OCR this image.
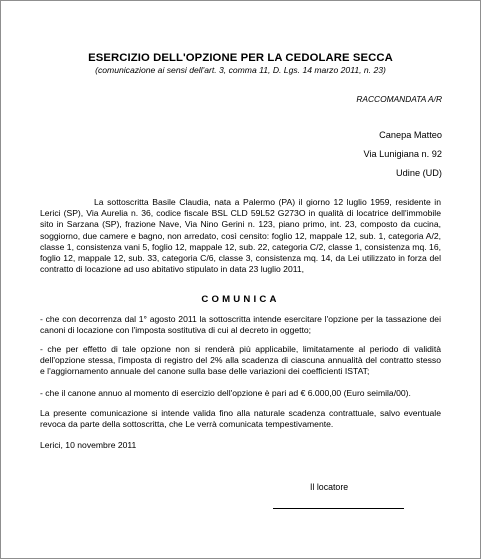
ESERCIZIO DELL'OPZIONE PER LA CEDOLARE SECCA
(comunicazione ai sensi dell'art. 3, comma 11, D. Lgs. 14 marzo 2011, n. 23)
RACCOMANDATA A/R
Canepa Matteo
Via Lunigiana n. 92
Udine (UD)

La sottoscritta Basile Claudia, nata a Palermo (PA) il giorno 12 luglio 1959, residente in Lerici (SP), Via Aurelia n. 36, codice fiscale BSL CLD 59L52 G273O in qualità di locatrice dell'immobile sito in Sarzana (SP), frazione Nave, Via Nino Gerini n. 123, piano primo, int. 23, composto da cucina, soggiorno, due camere e bagno, non arredato, così censito: foglio 12, mappale 12, sub. 1, categoria A/2, classe 1, consistenza vani 5, foglio 12, mappale 12, sub. 22, categoria C/2, classe 1, consistenza mq. 16, foglio 12, mappale 12, sub. 33, categoria C/6, classe 3, consistenza mq. 14, da Lei utilizzato in forza del contratto di locazione ad uso abitativo stipulato in data 23 luglio 2011,

COMUNICA
- che con decorrenza dal 1° agosto 2011 la sottoscritta intende esercitare l'opzione per la tassazione dei canoni di locazione con l'imposta sostitutiva di cui al decreto in oggetto;
- che per effetto di tale opzione non si renderà più applicabile, limitatamente al periodo di validità dell'opzione stessa, l'imposta di registro del 2% alla scadenza di ciascuna annualità del contratto stesso e l'aggiornamento annuale del canone sulla base delle variazioni dei coefficienti ISTAT;
- che il canone annuo al momento di esercizio dell'opzione è pari ad € 6.000,00 (Euro seimila/00).
La presente comunicazione si intende valida fino alla naturale scadenza contrattuale, salvo eventuale revoca da parte della sottoscritta, che Le verrà comunicata tempestivamente.
Lerici, 10 novembre 2011
Il locatore
